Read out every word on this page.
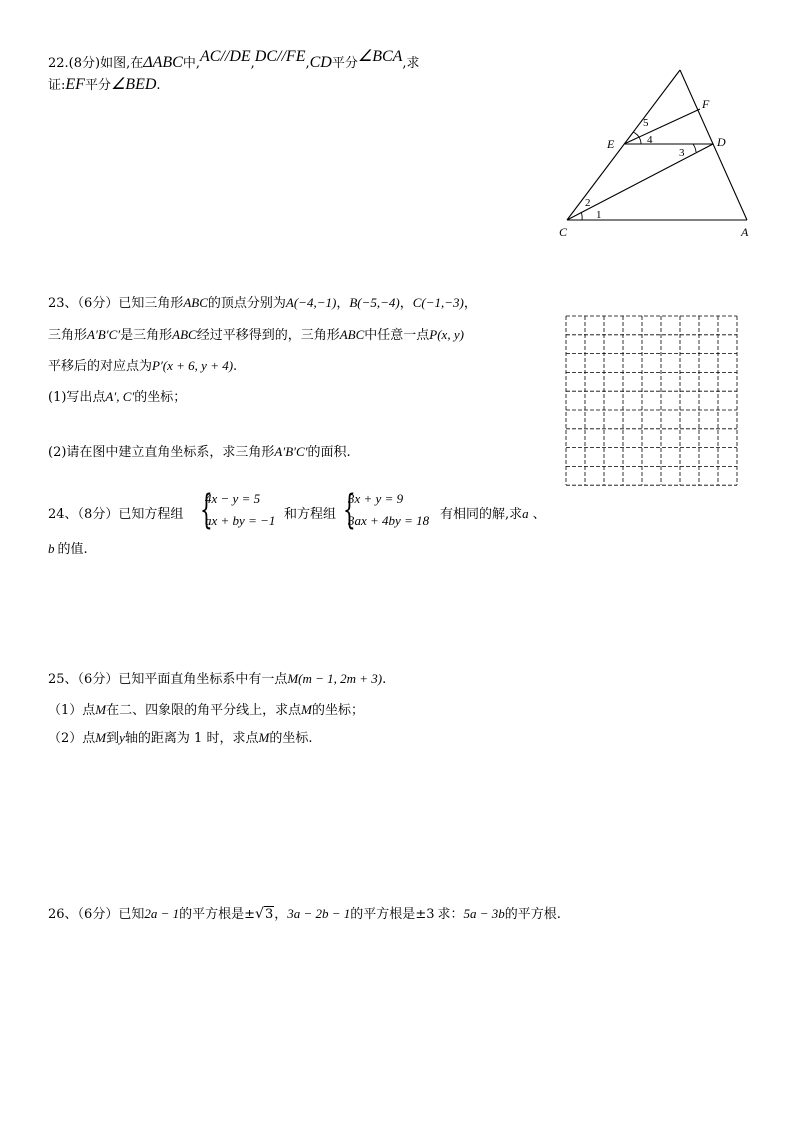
22.(8分)如图,在ΔABC中,AC//DE,DC//FE,CD平分∠BCA,求
证:EF平分∠BED.
F
E	D
C	A
1
2
3
4
5
23、（6分）已知三角形ABC的顶点分别为A(−4,−1)，B(−5,−4)，C(−1,−3)，
三角形A′B′C′是三角形ABC经过平移得到的，三角形ABC中任意一点P(x, y)
平移后的对应点为P′(x + 6, y + 4).
(1)写出点A′, C′的坐标；
(2)请在图中建立直角坐标系，求三角形A′B′C′的面积.
24、（8分）已知方程组 {
4x − y = 5
ax + by = −1 和方程组 {
3x + y = 9
3ax + 4by = 18 有相同的解,求a 、
b 的值.
25、（6分）已知平面直角坐标系中有一点M(m − 1, 2m + 3).
（1）点M在二、四象限的角平分线上，求点M的坐标；
（2）点M到y轴的距离为 1 时，求点M的坐标.
26、（6分）已知2a − 1的平方根是±√3，3a − 2b − 1的平方根是±3 求：5a − 3b的平方根.
